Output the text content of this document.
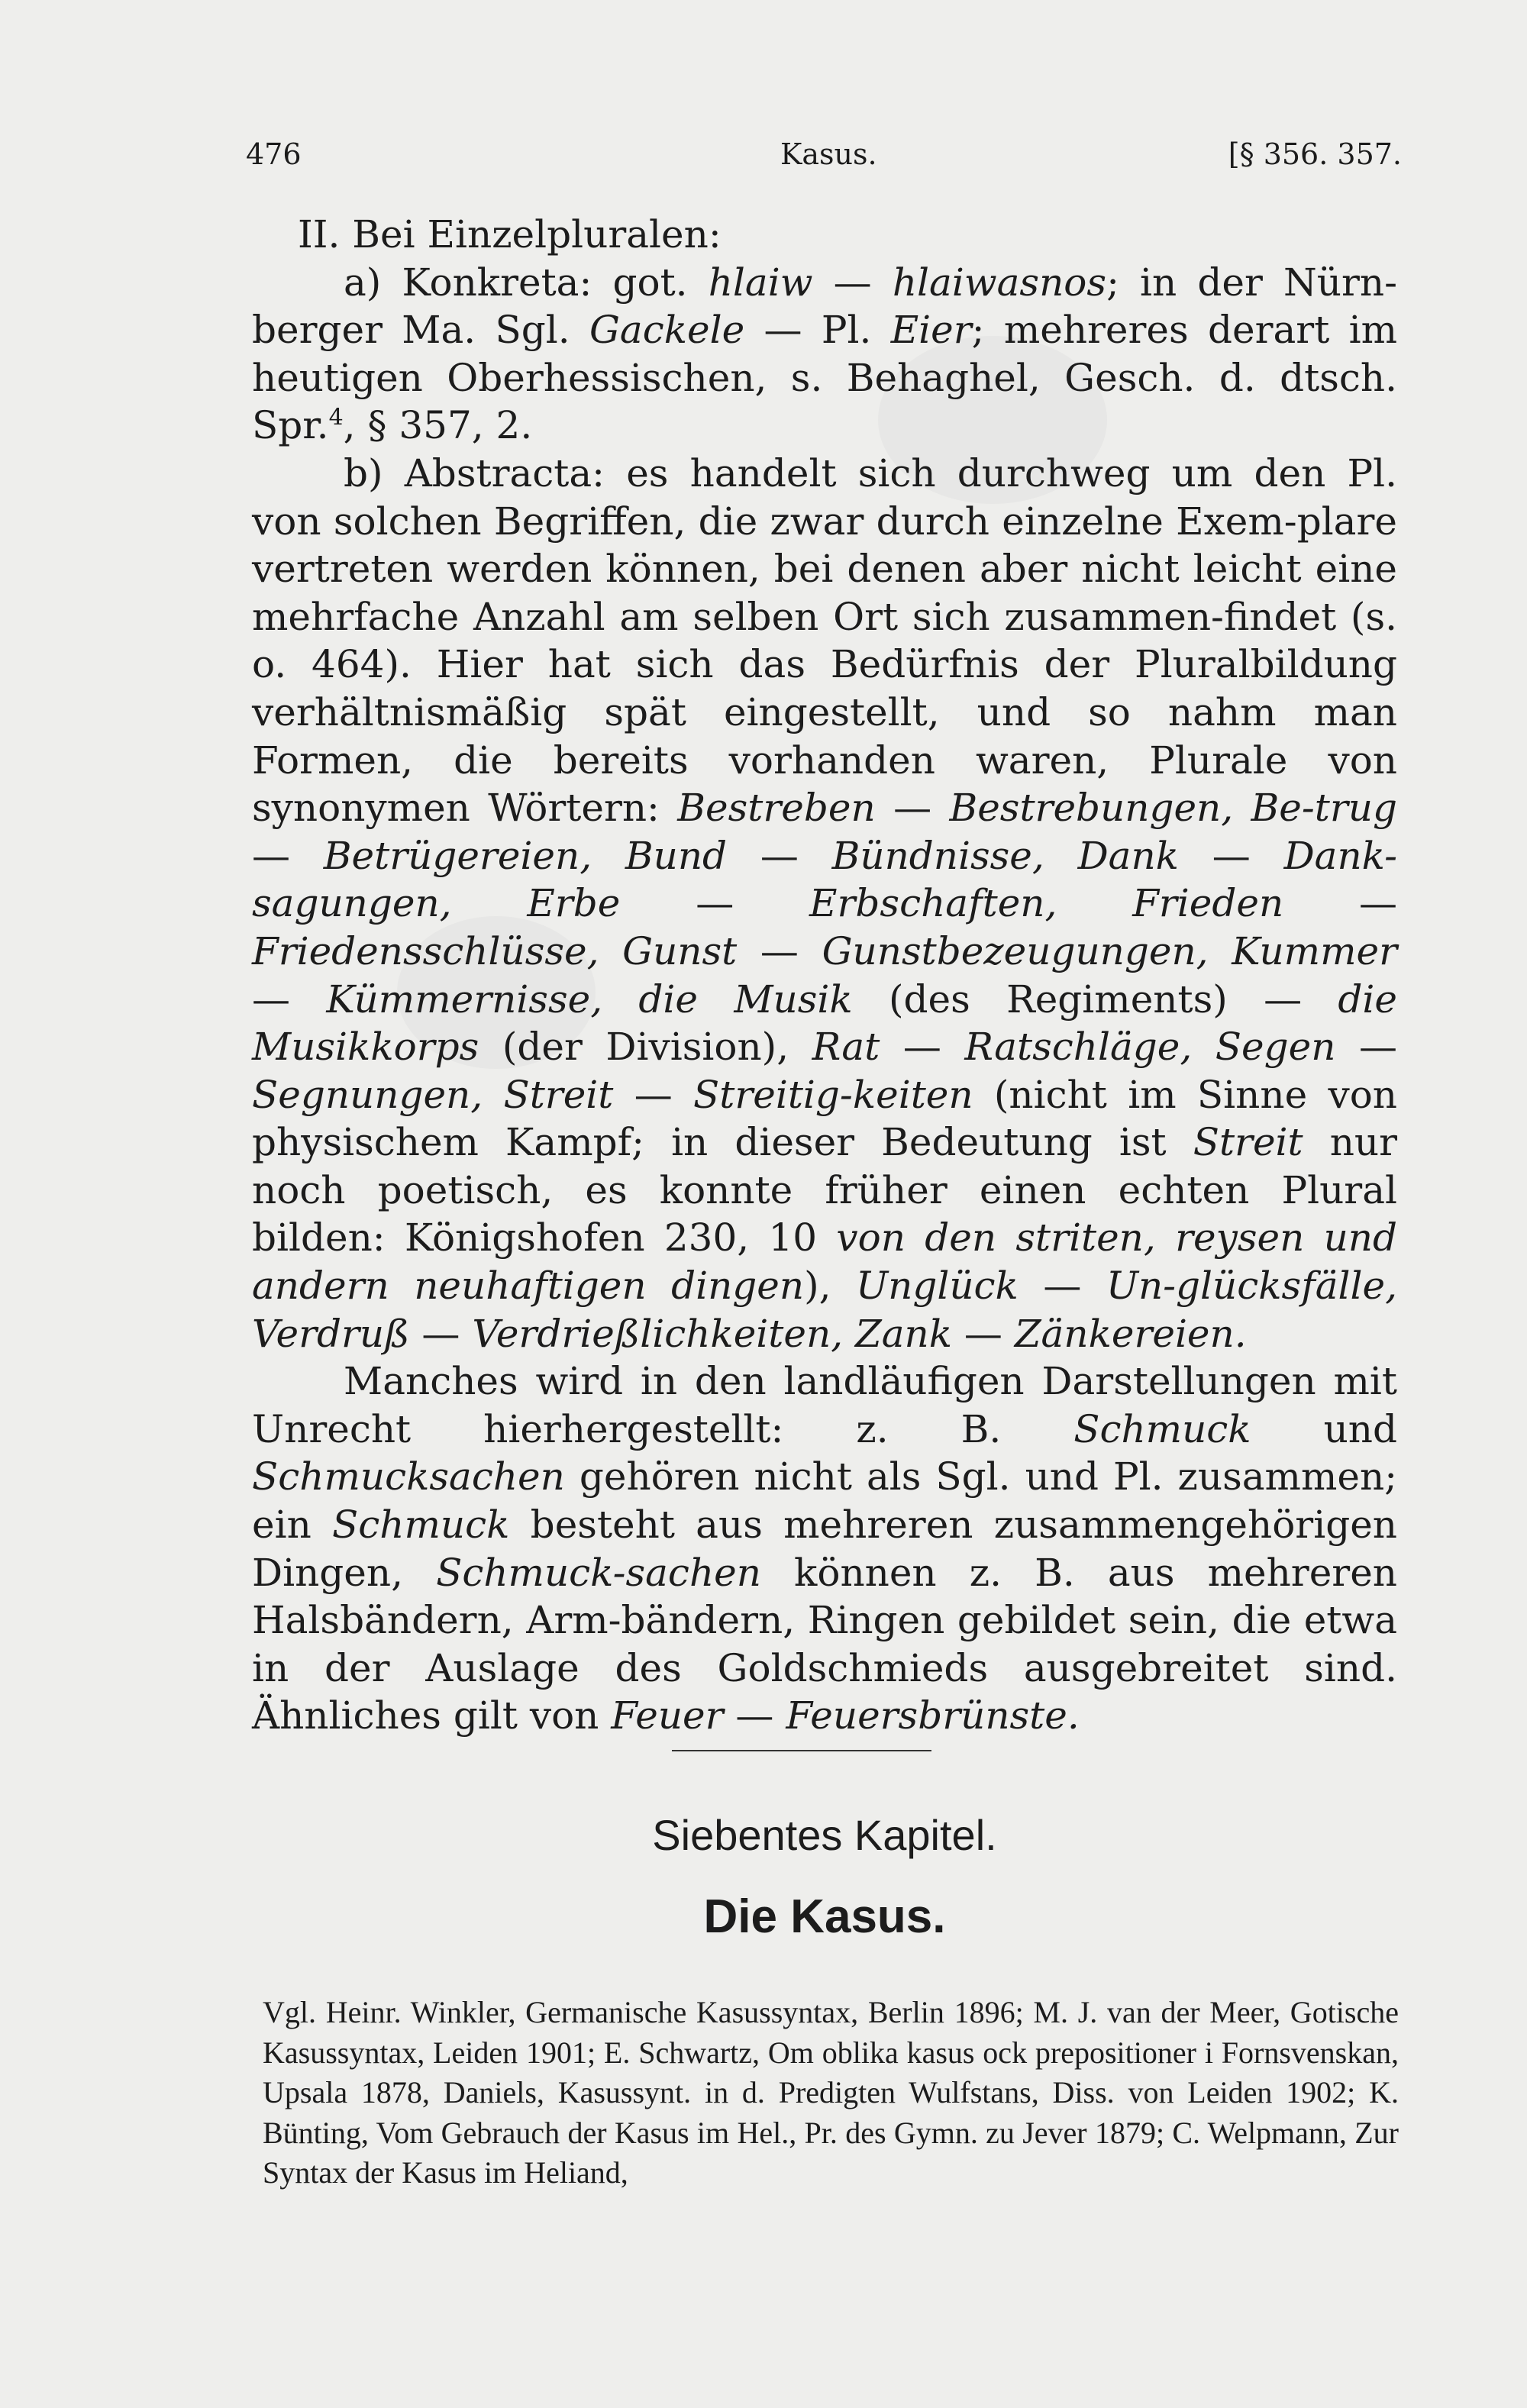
476	Kasus.	[§ 356. 357.

II. Bei Einzelpluralen:

a) Konkreta: got. hlaiw — hlaiwasnos; in der Nürn-berger Ma. Sgl. Gackele — Pl. Eier; mehreres derart im heutigen Oberhessischen, s. Behaghel, Gesch. d. dtsch. Spr.$^4$, § 357, 2.

b) Abstracta: es handelt sich durchweg um den Pl. von solchen Begriffen, die zwar durch einzelne Exem-plare vertreten werden können, bei denen aber nicht leicht eine mehrfache Anzahl am selben Ort sich zusammen-findet (s. o. 464). Hier hat sich das Bedürfnis der Pluralbildung verhältnismäßig spät eingestellt, und so nahm man Formen, die bereits vorhanden waren, Plurale von synonymen Wörtern: Bestreben — Bestrebungen, Be-trug — Betrügereien, Bund — Bündnisse, Dank — Dank-sagungen, Erbe — Erbschaften, Frieden — Friedensschlüsse, Gunst — Gunstbezeugungen, Kummer — Kümmernisse, die Musik (des Regiments) — die Musikkorps (der Division), Rat — Ratschläge, Segen — Segnungen, Streit — Streitig-keiten (nicht im Sinne von physischem Kampf; in dieser Bedeutung ist Streit nur noch poetisch, es konnte früher einen echten Plural bilden: Königshofen 230, 10 von den striten, reysen und andern neuhaftigen dingen), Unglück — Un-glücksfälle, Verdruß — Verdrießlichkeiten, Zank — Zänkereien.

Manches wird in den landläufigen Darstellungen mit Unrecht hierhergestellt: z. B. Schmuck und Schmucksachen gehören nicht als Sgl. und Pl. zusammen; ein Schmuck besteht aus mehreren zusammengehörigen Dingen, Schmuck-sachen können z. B. aus mehreren Halsbändern, Arm-bändern, Ringen gebildet sein, die etwa in der Auslage des Goldschmieds ausgebreitet sind. Ähnliches gilt von Feuer — Feuersbrünste.

Siebentes Kapitel.
Die Kasus.

Vgl. Heinr. Winkler, Germanische Kasussyntax, Berlin 1896; M. J. van der Meer, Gotische Kasussyntax, Leiden 1901; E. Schwartz, Om oblika kasus ock prepositioner i Fornsvenskan, Upsala 1878, Daniels, Kasussynt. in d. Predigten Wulfstans, Diss. von Leiden 1902; K. Bünting, Vom Gebrauch der Kasus im Hel., Pr. des Gymn. zu Jever 1879; C. Welpmann, Zur Syntax der Kasus im Heliand,
